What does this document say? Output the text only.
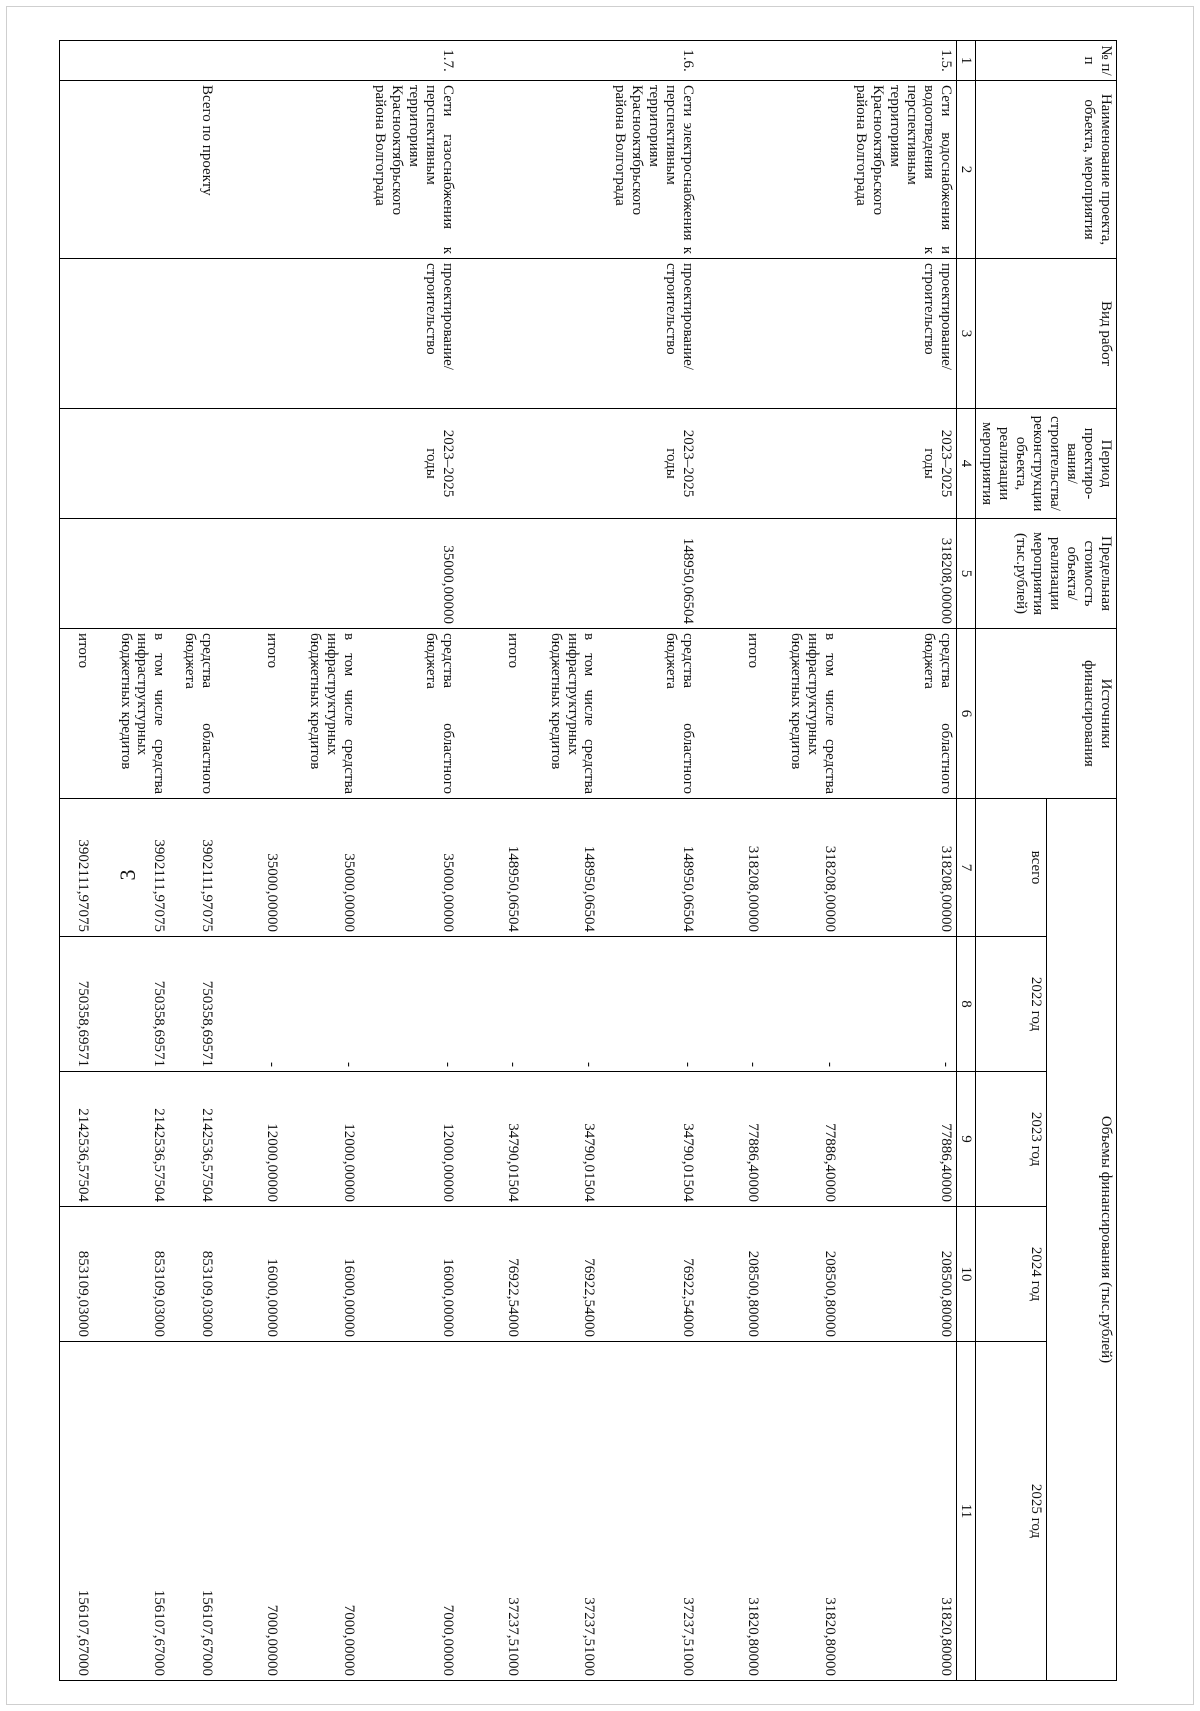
3
№ п/п	Наименование проекта, объекта, мероприятия	Вид работ	Период проектиро-вания/ строительства/ реконструкции объекта, реализации мероприятия	Предельная стоимость объекта/ реализации мероприятия (тыс.рублей)	Источники финансирования	Объемы финансирования (тыс.рублей)				
						всего	2022 год	2023 год	2024 год	2025 год
1	2	3	4	5	6	7	8	9	10	11
1.5.	Сети водоснабжения и водоотведения к перспективным территориям Краснооктябрьского района Волгограда	проектирование/строительство	2023–2025 годы	318208,00000	средства областного бюджета	318208,00000	-	77886,40000	208500,80000	31820,80000
					в том числе средства инфраструктурных бюджетных кредитов	318208,00000	-	77886,40000	208500,80000	31820,80000
					итого	318208,00000	-	77886,40000	208500,80000	31820,80000
1.6.	Сети электроснабжения к перспективным территориям Краснооктябрьского района Волгограда	проектирование/строительство	2023–2025 годы	148950,06504	средства областного бюджета	148950,06504	-	34790,01504	76922,54000	37237,51000
					в том числе средства инфраструктурных бюджетных кредитов	148950,06504	-	34790,01504	76922,54000	37237,51000
					итого	148950,06504	-	34790,01504	76922,54000	37237,51000
1.7.	Сети газоснабжения к перспективным территориям Краснооктябрьского района Волгограда	проектирование/строительство	2023–2025 годы	35000,00000	средства областного бюджета	35000,00000	-	12000,00000	16000,00000	7000,00000
					в том числе средства инфраструктурных бюджетных кредитов	35000,00000	-	12000,00000	16000,00000	7000,00000
					итого	35000,00000	-	12000,00000	16000,00000	7000,00000
	Всего по проекту				средства областного бюджета	3902111,97075	750358,69571	2142536,57504	853109,03000	156107,67000
					в том числе средства инфраструктурных бюджетных кредитов	3902111,97075	750358,69571	2142536,57504	853109,03000	156107,67000
					итого	3902111,97075	750358,69571	2142536,57504	853109,03000	156107,67000
